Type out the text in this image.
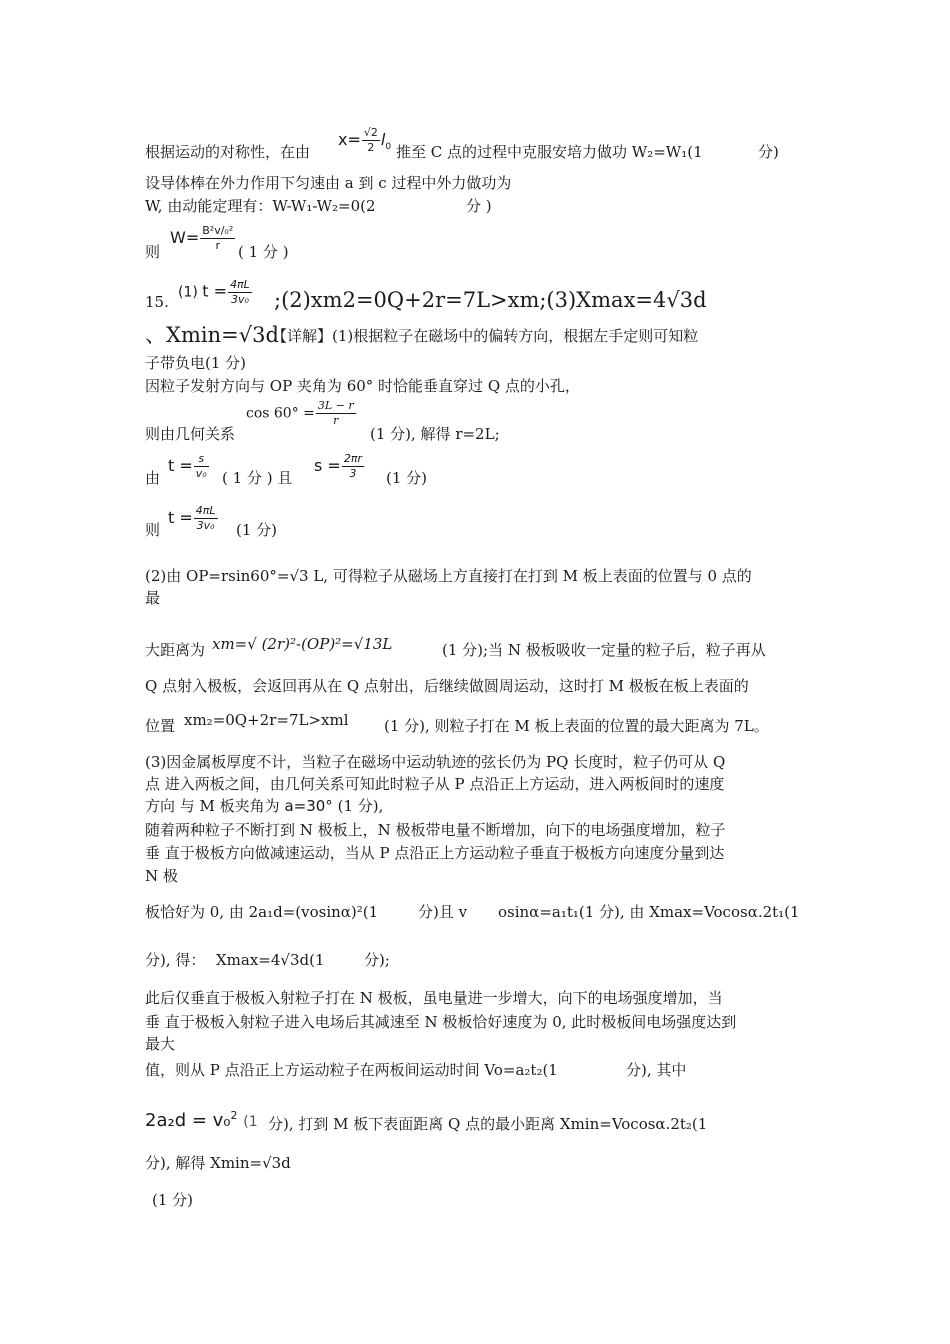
根据运动的对称性，在由
$x= \frac{√2}{2} l_0$ 推至 C 点的过程中克服安培力做功 W₂=W₁(1	分)
设导体棒在外力作用下匀速由 a 到 c 过程中外力做功为
W, 由动能定理有：W-W₁-W₂=0(2	分 )
则
$W= \frac{\text{B²v/₀²}}{r}$ ( 1 分 )
15.
(1) $t = \frac{4\pi L}{\text{3v₀}}$ ;(2)xm2=0Q+2r=7L>xm;(3)Xmax=4√3d
、Xmin=√3d
【详解】(1)根据粒子在磁场中的偏转方向，根据左手定则可知粒
子带负电(1 分)
因粒子发射方向与 OP 夹角为 60° 时恰能垂直穿过 Q 点的小孔，
$\cos 60^\circ = \frac{3L - r}{r}$
则由几何关系	(1 分), 解得 r=2L;
由
$t = \frac{s}{\text{v₀}}$ ( 1 分 ) 且
$s = \frac{2\pi r}{3} (1$ 分)
则
$t = \frac{4\pi L}{\text{3v₀}} (1$ 分)
(2)由 OP=rsin60°=√3 L, 可得粒子从磁场上方直接打在打到 M 板上表面的位置与 0 点的
最
大距离为 xm=√ (2r)²-(OP)²=√13L	(1 分);当 N 极板吸收一定量的粒子后，粒子再从
Q 点射入极板，会返回再从在 Q 点射出，后继续做圆周运动，这时打 M 极板在板上表面的
位置 xm₂=0Q+2r=7L>xml (1 分), 则粒子打在 M 板上表面的位置的最大距离为 7L。
(3)因金属板厚度不计，当粒子在磁场中运动轨迹的弦长仍为 PQ 长度时，粒子仍可从 Q
点 进入两板之间，由几何关系可知此时粒子从 P 点沿正上方运动，进入两板间时的速度
方向 与 M 板夹角为 a=30° (1 分),
随着两种粒子不断打到 N 极板上，N 极板带电量不断增加，向下的电场强度增加，粒子
垂 直于极板方向做减速运动，当从 P 点沿正上方运动粒子垂直于极板方向速度分量到达
N 极
板恰好为 0, 由 2a₁d=(vosinα)²(1	分)且 v osinα=a₁t₁(1 分), 由 Xmax=Vocosα.2t₁(1
分), 得： Xmax=4√3d(1	分);
此后仅垂直于极板入射粒子打在 N 极板，虽电量进一步增大，向下的电场强度增加，当
垂 直于极板入射粒子进入电场后其减速至 N 极板恰好速度为 0, 此时极板间电场强度达到
最大
值，则从 P 点沿正上方运动粒子在两板间运动时间 Vo=a₂t₂(1	分), 其中
2a₂d = v₀$^2$ (1 分), 打到 M 板下表面距离 Q 点的最小距离 Xmin=Vocosα.2t₂(1
分), 解得 Xmin=√3d
(1 分)
